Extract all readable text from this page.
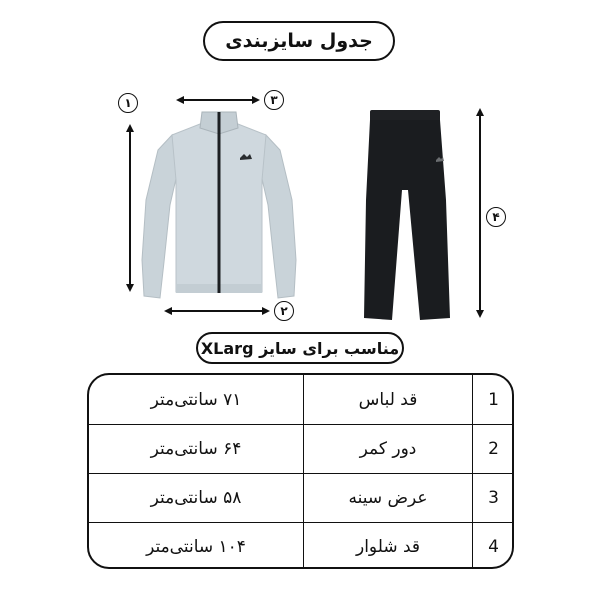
جدول سایزبندی
۱	۳
۲
۴
مناسب برای سایز XLarg
1
قد لباس
۷۱ سانتی‌متر
2
دور کمر
۶۴ سانتی‌متر
3
عرض سینه
۵۸ سانتی‌متر
4
قد شلوار
۱۰۴ سانتی‌متر
